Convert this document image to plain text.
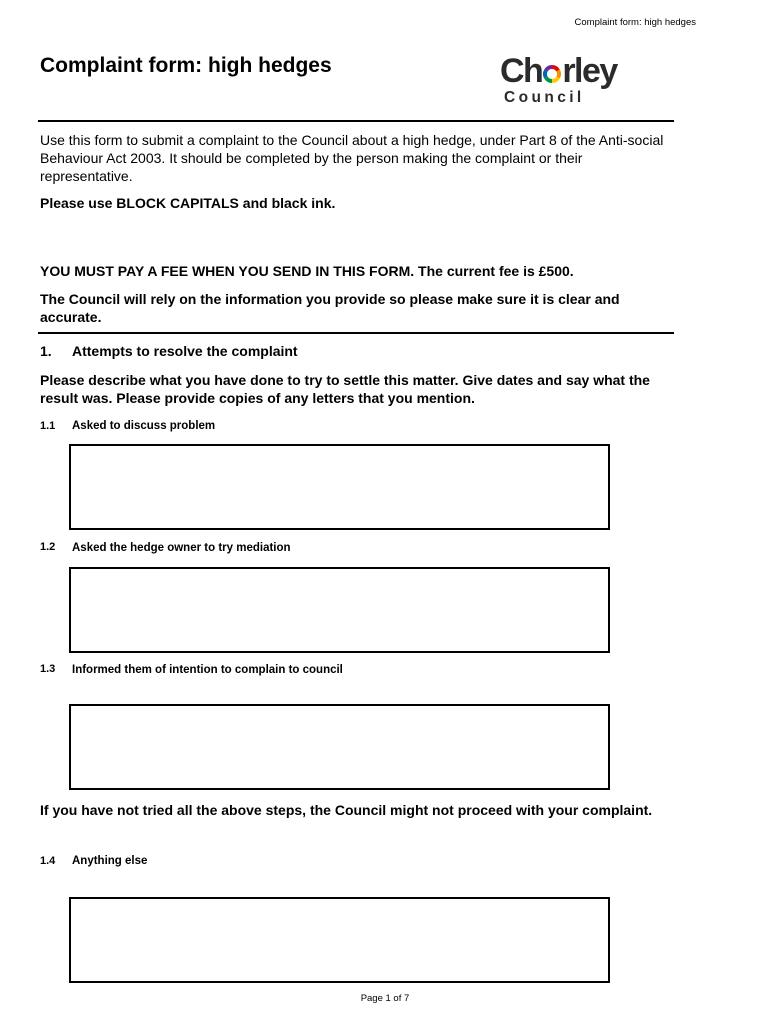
Complaint form: high hedges
Complaint form: high hedges	Ch rley
Council
Use this form to submit a complaint to the Council about a high hedge, under Part 8 of the Anti-social Behaviour Act 2003. It should be completed by the person making the complaint or their representative.
Please use BLOCK CAPITALS and black ink.
YOU MUST PAY A FEE WHEN YOU SEND IN THIS FORM. The current fee is £500.
The Council will rely on the information you provide so please make sure it is clear and accurate.
1. Attempts to resolve the complaint
Please describe what you have done to try to settle this matter. Give dates and say what the result was. Please provide copies of any letters that you mention.
1.1 Asked to discuss problem
1.2 Asked the hedge owner to try mediation
1.3 Informed them of intention to complain to council
If you have not tried all the above steps, the Council might not proceed with your complaint.
1.4 Anything else
Page 1 of 7
